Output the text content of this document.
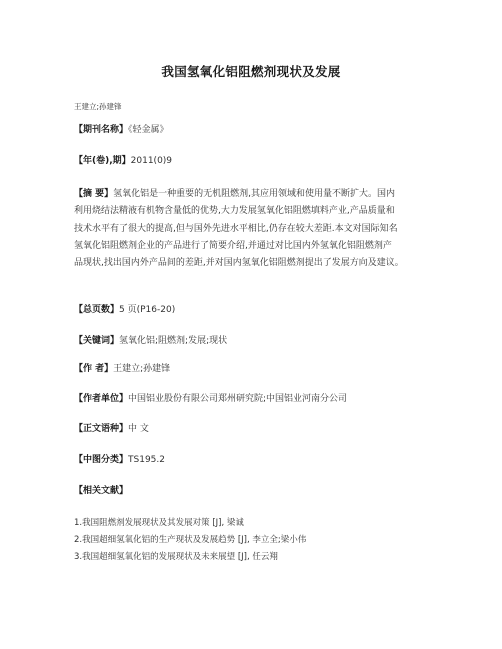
我国氢氧化铝阻燃剂现状及发展
王建立;孙建锋
【期刊名称】《轻金属》
【年(卷),期】2011(0)9
【摘 要】氢氧化铝是一种重要的无机阻燃剂,其应用领域和使用量不断扩大。国内
利用烧结法精液有机物含量低的优势,大力发展氢氧化铝阻燃填料产业,产品质量和
技术水平有了很大的提高,但与国外先进水平相比,仍存在较大差距.本文对国际知名
氢氧化铝阻燃剂企业的产品进行了简要介绍,并通过对比国内外氢氧化铝阻燃剂产
品现状,找出国内外产品间的差距,并对国内氢氧化铝阻燃剂提出了发展方向及建议。
【总页数】5 页(P16-20)
【关键词】氢氧化铝;阻燃剂;发展;现状
【作 者】王建立;孙建锋
【作者单位】中国铝业股份有限公司郑州研究院;中国铝业河南分公司
【正文语种】中 文
【中图分类】TS195.2
【相关文献】
1.我国阻燃剂发展现状及其发展对策 [J], 梁诚
2.我国超细氢氧化铝的生产现状及发展趋势 [J], 李立全;梁小伟
3.我国超细氢氧化铝的发展现状及未来展望 [J], 任云翔
